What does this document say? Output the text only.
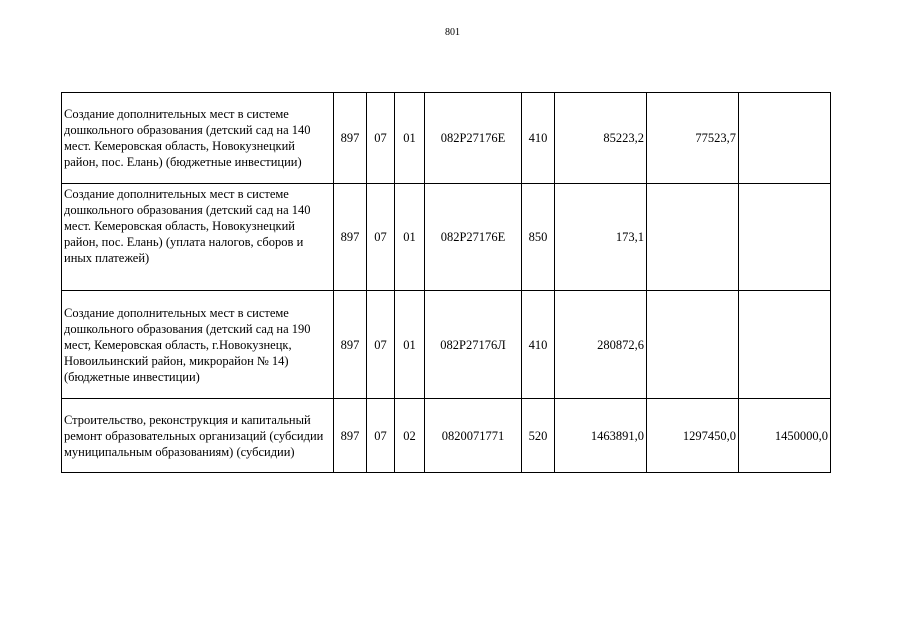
801
Создание дополнительных мест в системе дошкольного образования (детский сад на 140 мест. Кемеровская область, Новокузнецкий район, пос. Елань) (бюджетные инвестиции)	897	07	01	082P27176E	410	85223,2	77523,7	
Создание дополнительных мест в системе дошкольного образования (детский сад на 140 мест. Кемеровская область, Новокузнецкий район, пос. Елань) (уплата налогов, сборов и иных платежей)	897	07	01	082P27176E	850	173,1		
Создание дополнительных мест в системе дошкольного образования (детский сад на 190 мест, Кемеровская область, г.Новокузнецк, Новоильинский район, микрорайон № 14) (бюджетные инвестиции)	897	07	01	082P27176Л	410	280872,6		
Строительство, реконструкция и капитальный ремонт образовательных организаций (субсидии муниципальным образованиям) (субсидии)	897	07	02	0820071771	520	1463891,0	1297450,0	1450000,0
